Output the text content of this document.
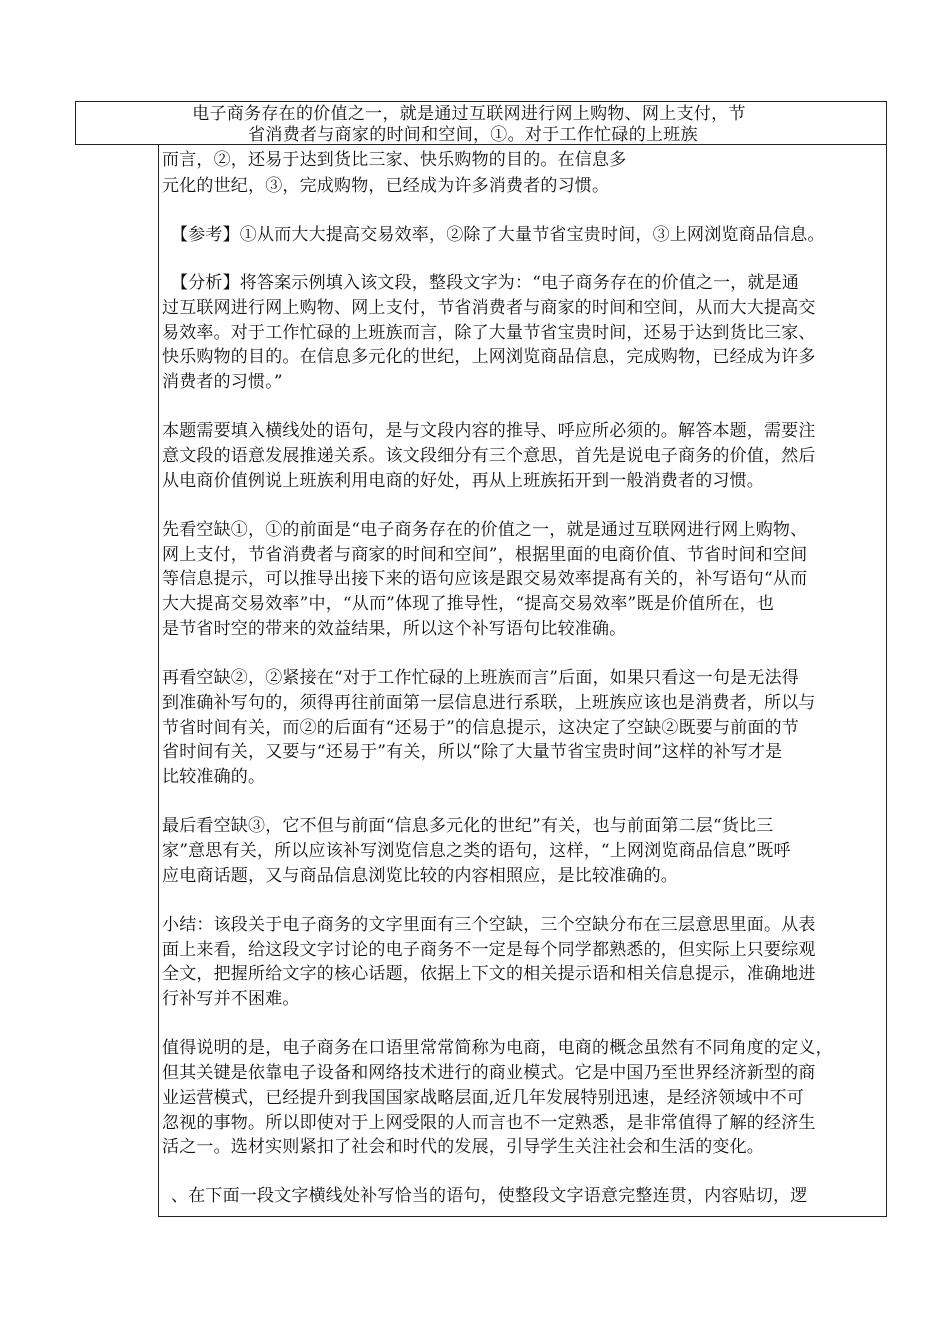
电子商务存在的价值之一，就是通过互联网进行网上购物、网上支付，节
省消费者与商家的时间和空间，①。对于工作忙碌的上班族
而言，②，还易于达到货比三家、快乐购物的目的。在信息多
元化的世纪，③，完成购物，已经成为许多消费者的习惯。
【参考】①从而大大提高交易效率，②除了大量节省宝贵时间，③上网浏览商品信息。
【分析】将答案示例填入该文段，整段文字为：“电子商务存在的价值之一，就是通
过互联网进行网上购物、网上支付，节省消费者与商家的时间和空间，从而大大提高交
易效率。对于工作忙碌的上班族而言，除了大量节省宝贵时间，还易于达到货比三家、
快乐购物的目的。在信息多元化的世纪，上网浏览商品信息，完成购物，已经成为许多
消费者的习惯。”
本题需要填入横线处的语句，是与文段内容的推导、呼应所必须的。解答本题，需要注
意文段的语意发展推递关系。该文段细分有三个意思，首先是说电子商务的价值，然后
从电商价值例说上班族利用电商的好处，再从上班族拓开到一般消费者的习惯。
先看空缺①，①的前面是“电子商务存在的价值之一，就是通过互联网进行网上购物、
网上支付，节省消费者与商家的时间和空间”，根据里面的电商价值、节省时间和空间
等信息提示，可以推导出接下来的语句应该是跟交易效率提髙有关的，补写语句“从而
大大提髙交易效率”中，“从而”体现了推导性，“提高交易效率”既是价值所在，也
是节省时空的带来的效益结果，所以这个补写语句比较准确。
再看空缺②，②紧接在“对于工作忙碌的上班族而言”后面，如果只看这一句是无法得
到准确补写句的，须得再往前面第一层信息进行系联，上班族应该也是消费者，所以与
节省时间有关，而②的后面有“还易于”的信息提示，这决定了空缺②既要与前面的节
省时间有关，又要与“还易于”有关，所以“除了大量节省宝贵时间”这样的补写才是
比较准确的。
最后看空缺③，它不但与前面“信息多元化的世纪”有关，也与前面第二层“货比三
家”意思有关，所以应该补写浏览信息之类的语句，这样，“上网浏览商品信息”既呼
应电商话题，又与商品信息浏览比较的内容相照应，是比较准确的。
小结：该段关于电子商务的文字里面有三个空缺，三个空缺分布在三层意思里面。从表
面上来看，给这段文字讨论的电子商务不一定是每个同学都熟悉的，但实际上只要综观
全文，把握所给文字的核心话题，依据上下文的相关提示语和相关信息提示，准确地进
行补写并不困难。
值得说明的是，电子商务在口语里常常简称为电商，电商的概念虽然有不同角度的定义，
但其关键是依靠电子设备和网络技术进行的商业模式。它是中国乃至世界经济新型的商
业运营模式，已经提升到我国国家战略层面,近几年发展特别迅速，是经济领域中不可
忽视的事物。所以即使对于上网受限的人而言也不一定熟悉，是非常值得了解的经济生
活之一。选材实则紧扣了社会和时代的发展，引导学生关注社会和生活的变化。
、在下面一段文字横线处补写恰当的语句，使整段文字语意完整连贯，内容贴切，逻
